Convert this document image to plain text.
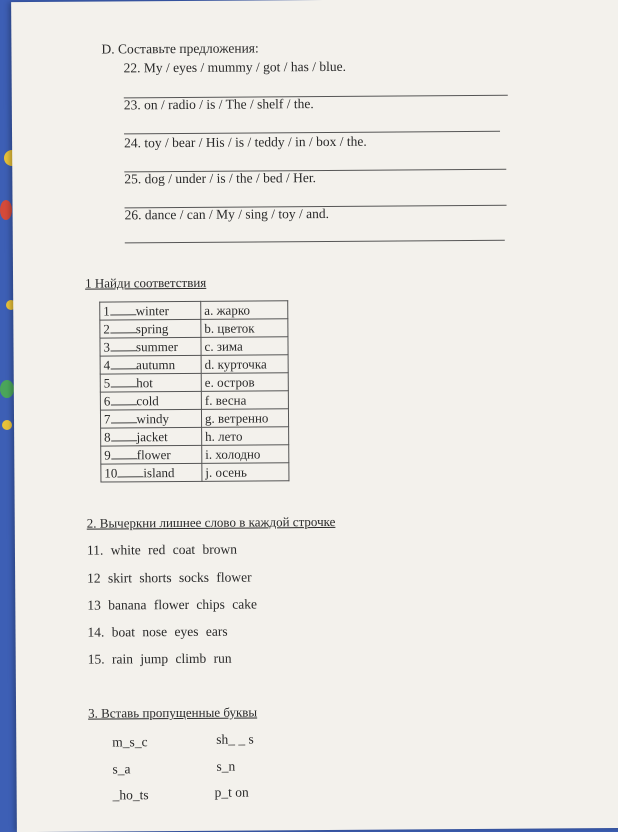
D. Составьте предложения:
22. My / eyes / mummy / got / has / blue.
23. on / radio / is / The / shelf / the.
24. toy / bear / His / is / teddy / in / box / the.
25. dog / under / is / the / bed / Her.
26. dance / can / My / sing / toy / and.
1 Найди соответствия
1 winter	a. жарко
2 spring	b. цветок
3 summer	c. зима
4 autumn	d. курточка
5 hot	e. остров
6 cold	f. весна
7 windy	g. ветренно
8 jacket	h. лето
9 flower	i. холодно
10 island	j. осень
2. Вычеркни лишнее слово в каждой строчке
11. white red coat brown
12 skirt shorts socks flower
13 banana flower chips cake
14. boat nose eyes ears
15. rain jump climb run
3. Вставь пропущенные буквы
m_s_c	sh_ _ s
s_a	s_n
_ho_ts	p_t on
